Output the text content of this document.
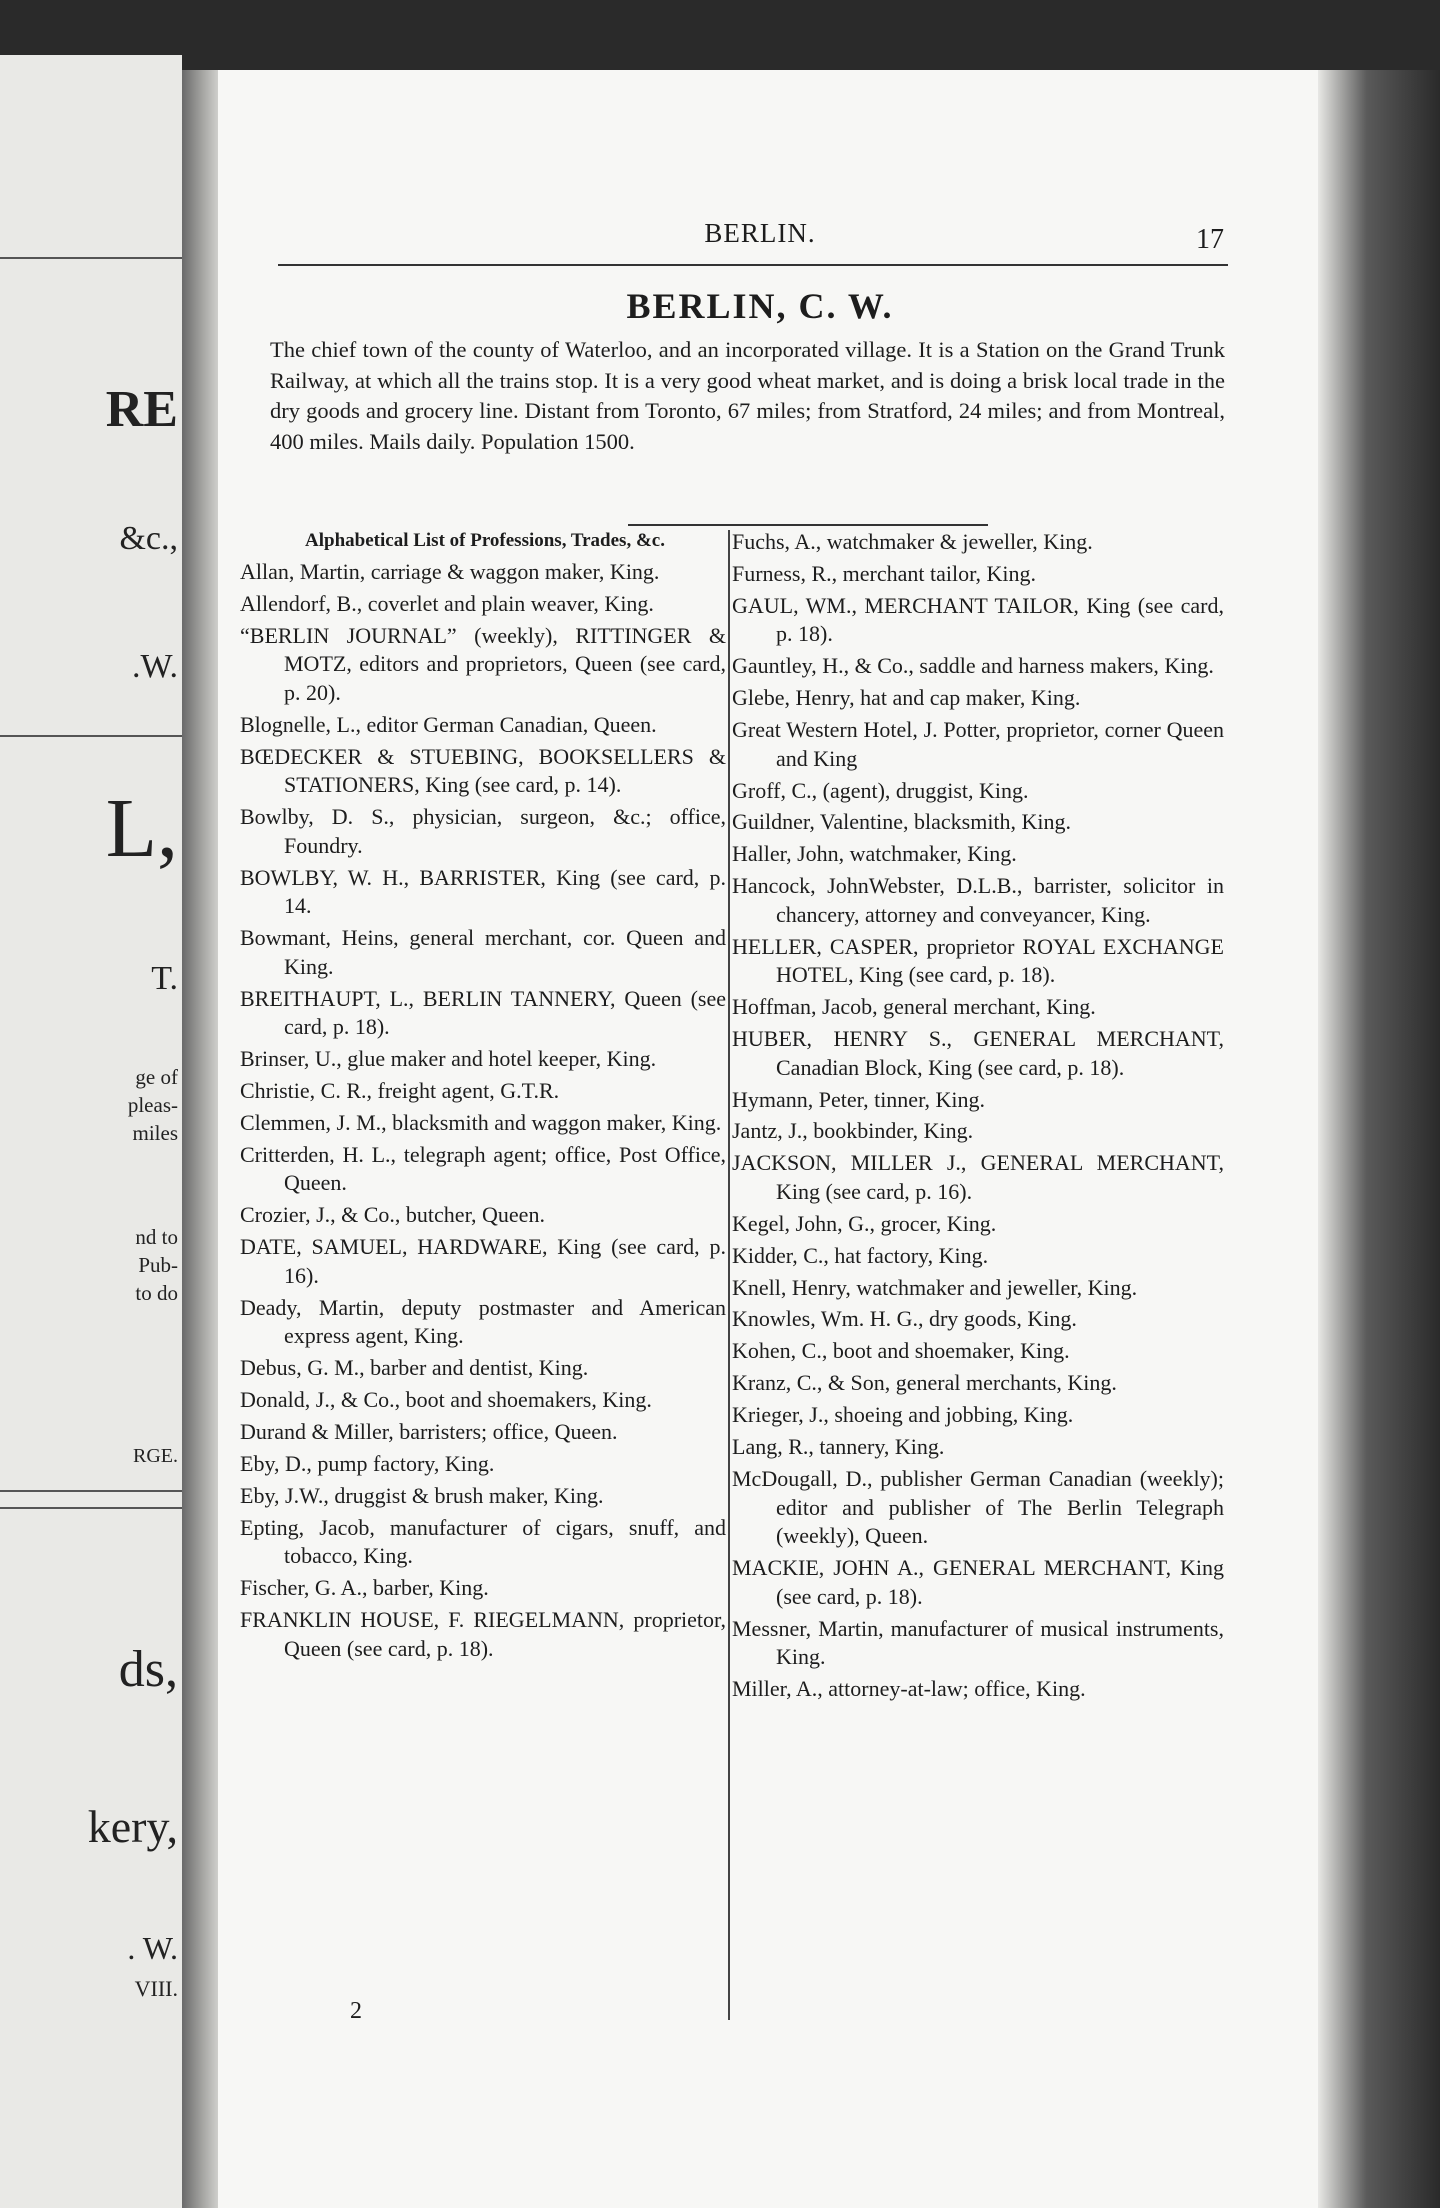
RE
&c.,
.W.
L,
T.
ge of
pleas-
miles
nd to
Pub-
to do
RGE.
ds,
kery,
. W.
VIII.
BERLIN.	17
BERLIN, C. W.
The chief town of the county of Waterloo, and an incorporated village. It is a Station on the Grand Trunk Railway, at which all the trains stop. It is a very good wheat market, and is doing a brisk local trade in the dry goods and grocery line. Distant from Toronto, 67 miles; from Stratford, 24 miles; and from Montreal, 400 miles. Mails daily. Population 1500.
Alphabetical List of Professions, Trades, &c.

Allan, Martin, carriage & waggon maker, King.

Allendorf, B., coverlet and plain weaver, King.

“BERLIN JOURNAL” (weekly), RITTINGER & MOTZ, editors and proprietors, Queen (see card, p. 20).

Blognelle, L., editor German Canadian, Queen.

BŒDECKER & STUEBING, BOOKSELLERS & STATIONERS, King (see card, p. 14).

Bowlby, D. S., physician, surgeon, &c.; office, Foundry.

BOWLBY, W. H., BARRISTER, King (see card, p. 14.

Bowmant, Heins, general merchant, cor. Queen and King.

BREITHAUPT, L., BERLIN TANNERY, Queen (see card, p. 18).

Brinser, U., glue maker and hotel keeper, King.

Christie, C. R., freight agent, G.T.R.

Clemmen, J. M., blacksmith and waggon maker, King.

Critterden, H. L., telegraph agent; office, Post Office, Queen.

Crozier, J., & Co., butcher, Queen.

DATE, SAMUEL, HARDWARE, King (see card, p. 16).

Deady, Martin, deputy postmaster and American express agent, King.

Debus, G. M., barber and dentist, King.

Donald, J., & Co., boot and shoemakers, King.

Durand & Miller, barristers; office, Queen.

Eby, D., pump factory, King.

Eby, J.W., druggist & brush maker, King.

Epting, Jacob, manufacturer of cigars, snuff, and tobacco, King.

Fischer, G. A., barber, King.

FRANKLIN HOUSE, F. RIEGELMANN, proprietor, Queen (see card, p. 18).

Fuchs, A., watchmaker & jeweller, King.

Furness, R., merchant tailor, King.

GAUL, WM., MERCHANT TAILOR, King (see card, p. 18).

Gauntley, H., & Co., saddle and harness makers, King.

Glebe, Henry, hat and cap maker, King.

Great Western Hotel, J. Potter, proprietor, corner Queen and King

Groff, C., (agent), druggist, King.

Guildner, Valentine, blacksmith, King.

Haller, John, watchmaker, King.

Hancock, JohnWebster, D.L.B., barrister, solicitor in chancery, attorney and conveyancer, King.

HELLER, CASPER, proprietor ROYAL EXCHANGE HOTEL, King (see card, p. 18).

Hoffman, Jacob, general merchant, King.

HUBER, HENRY S., GENERAL MERCHANT, Canadian Block, King (see card, p. 18).

Hymann, Peter, tinner, King.

Jantz, J., bookbinder, King.

JACKSON, MILLER J., GENERAL MERCHANT, King (see card, p. 16).

Kegel, John, G., grocer, King.

Kidder, C., hat factory, King.

Knell, Henry, watchmaker and jeweller, King.

Knowles, Wm. H. G., dry goods, King.

Kohen, C., boot and shoemaker, King.

Kranz, C., & Son, general merchants, King.

Krieger, J., shoeing and jobbing, King.

Lang, R., tannery, King.

McDougall, D., publisher German Canadian (weekly); editor and publisher of The Berlin Telegraph (weekly), Queen.

MACKIE, JOHN A., GENERAL MERCHANT, King (see card, p. 18).

Messner, Martin, manufacturer of musical instruments, King.

Miller, A., attorney-at-law; office, King.

2
